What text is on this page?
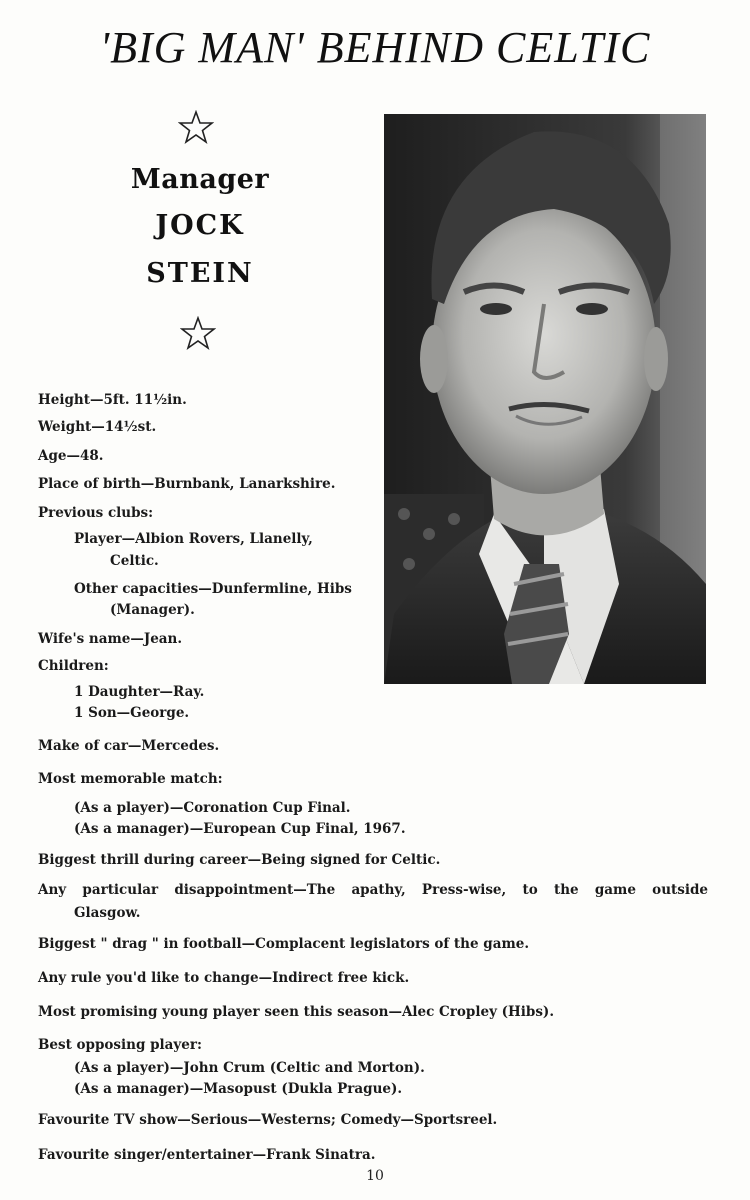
'BIG MAN' BEHIND CELTIC
Manager
JOCK
STEIN
Height—5ft. 11½in.
Weight—14½st.
Age—48.
Place of birth—Burnbank, Lanarkshire.
Previous clubs:
Player—Albion Rovers, Llanelly,
Celtic.
Other capacities—Dunfermline, Hibs
(Manager).
Wife's name—Jean.
Children:
1 Daughter—Ray.
1 Son—George.
Make of car—Mercedes.
Most memorable match:
(As a player)—Coronation Cup Final.
(As a manager)—European Cup Final, 1967.
Biggest thrill during career—Being signed for Celtic.
Any particular disappointment—The apathy, Press-wise, to the game outside
Glasgow.
Biggest " drag " in football—Complacent legislators of the game.
Any rule you'd like to change—Indirect free kick.
Most promising young player seen this season—Alec Cropley (Hibs).
Best opposing player:
(As a player)—John Crum (Celtic and Morton).
(As a manager)—Masopust (Dukla Prague).
Favourite TV show—Serious—Westerns; Comedy—Sportsreel.
Favourite singer/entertainer—Frank Sinatra.
10
